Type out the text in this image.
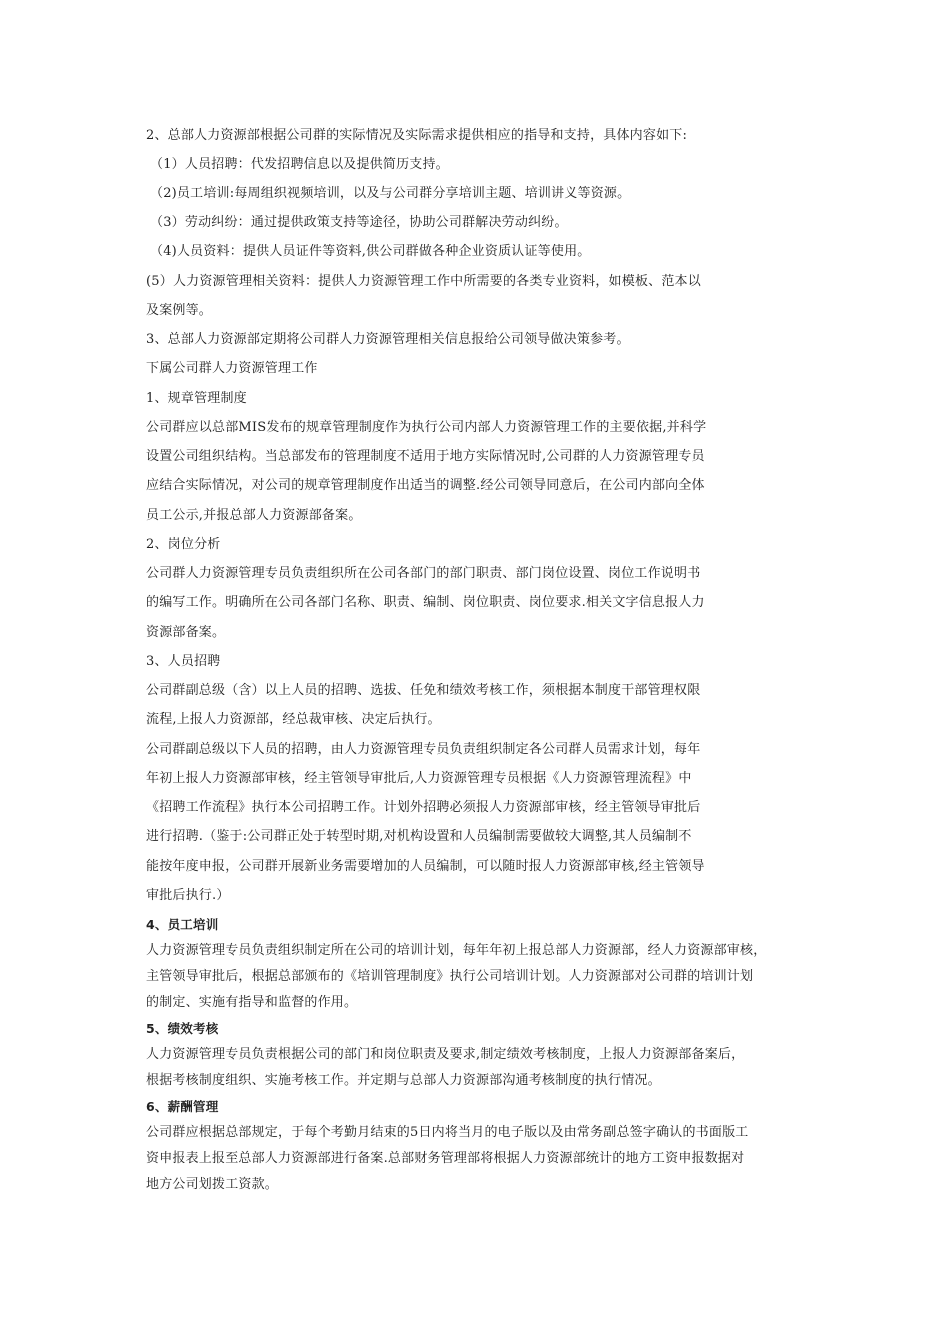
2、总部人力资源部根据公司群的实际情况及实际需求提供相应的指导和支持，具体内容如下:
（1）人员招聘：代发招聘信息以及提供简历支持。
（2)员工培训:每周组织视频培训，以及与公司群分享培训主题、培训讲义等资源。
（3）劳动纠纷：通过提供政策支持等途径，协助公司群解决劳动纠纷。
（4)人员资料：提供人员证件等资料,供公司群做各种企业资质认证等使用。
(5）人力资源管理相关资料：提供人力资源管理工作中所需要的各类专业资料，如模板、范本以
及案例等。
3、总部人力资源部定期将公司群人力资源管理相关信息报给公司领导做决策参考。
下属公司群人力资源管理工作
1、规章管理制度
公司群应以总部MIS发布的规章管理制度作为执行公司内部人力资源管理工作的主要依据,并科学
设置公司组织结构。当总部发布的管理制度不适用于地方实际情况时,公司群的人力资源管理专员
应结合实际情况，对公司的规章管理制度作出适当的调整.经公司领导同意后，在公司内部向全体
员工公示,并报总部人力资源部备案。
2、岗位分析
公司群人力资源管理专员负责组织所在公司各部门的部门职责、部门岗位设置、岗位工作说明书
的编写工作。明确所在公司各部门名称、职责、编制、岗位职责、岗位要求.相关文字信息报人力
资源部备案。
3、人员招聘
公司群副总级（含）以上人员的招聘、选拔、任免和绩效考核工作，须根据本制度干部管理权限
流程,上报人力资源部，经总裁审核、决定后执行。
公司群副总级以下人员的招聘，由人力资源管理专员负责组织制定各公司群人员需求计划，每年
年初上报人力资源部审核，经主管领导审批后,人力资源管理专员根据《人力资源管理流程》中
《招聘工作流程》执行本公司招聘工作。计划外招聘必须报人力资源部审核，经主管领导审批后
进行招聘.（鉴于:公司群正处于转型时期,对机构设置和人员编制需要做较大调整,其人员编制不
能按年度申报，公司群开展新业务需要增加的人员编制，可以随时报人力资源部审核,经主管领导
审批后执行.）
4、员工培训
人力资源管理专员负责组织制定所在公司的培训计划，每年年初上报总部人力资源部，经人力资源部审核，
主管领导审批后，根据总部颁布的《培训管理制度》执行公司培训计划。人力资源部对公司群的培训计划
的制定、实施有指导和监督的作用。
5、绩效考核
人力资源管理专员负责根据公司的部门和岗位职责及要求,制定绩效考核制度，上报人力资源部备案后，
根据考核制度组织、实施考核工作。并定期与总部人力资源部沟通考核制度的执行情况。
6、薪酬管理
公司群应根据总部规定，于每个考勤月结束的5日内将当月的电子版以及由常务副总签字确认的书面版工
资申报表上报至总部人力资源部进行备案.总部财务管理部将根据人力资源部统计的地方工资申报数据对
地方公司划拨工资款。
